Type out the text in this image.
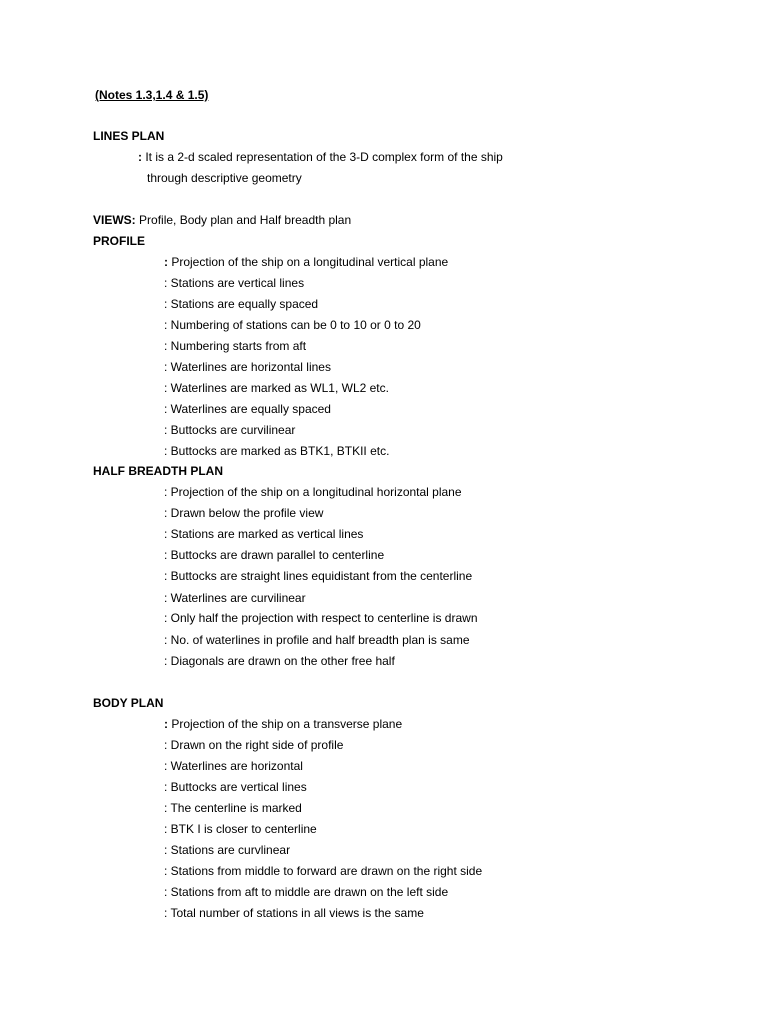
(Notes 1.3,1.4 & 1.5)
LINES PLAN
: It is a 2-d scaled representation of the 3-D complex form of the ship
through descriptive geometry
VIEWS: Profile, Body plan and Half breadth plan
PROFILE
: Projection of the ship on a longitudinal vertical plane
: Stations are vertical lines
: Stations are equally spaced
: Numbering of stations can be 0 to 10 or 0 to 20
: Numbering starts from aft
: Waterlines are horizontal lines
: Waterlines are marked as WL1, WL2 etc.
: Waterlines are equally spaced
: Buttocks are curvilinear
: Buttocks are marked as BTK1, BTKII etc.
HALF BREADTH PLAN
: Projection of the ship on a longitudinal horizontal plane
: Drawn below the profile view
: Stations are marked as vertical lines
: Buttocks are drawn parallel to centerline
: Buttocks are straight lines equidistant from the centerline
: Waterlines are curvilinear
: Only half the projection with respect to centerline is drawn
: No. of waterlines in profile and half breadth plan is same
: Diagonals are drawn on the other free half
BODY PLAN
: Projection of the ship on a transverse plane
: Drawn on the right side of profile
: Waterlines are horizontal
: Buttocks are vertical lines
: The centerline is marked
: BTK I is closer to centerline
: Stations are curvlinear
: Stations from middle to forward are drawn on the right side
: Stations from aft to middle are drawn on the left side
: Total number of stations in all views is the same
